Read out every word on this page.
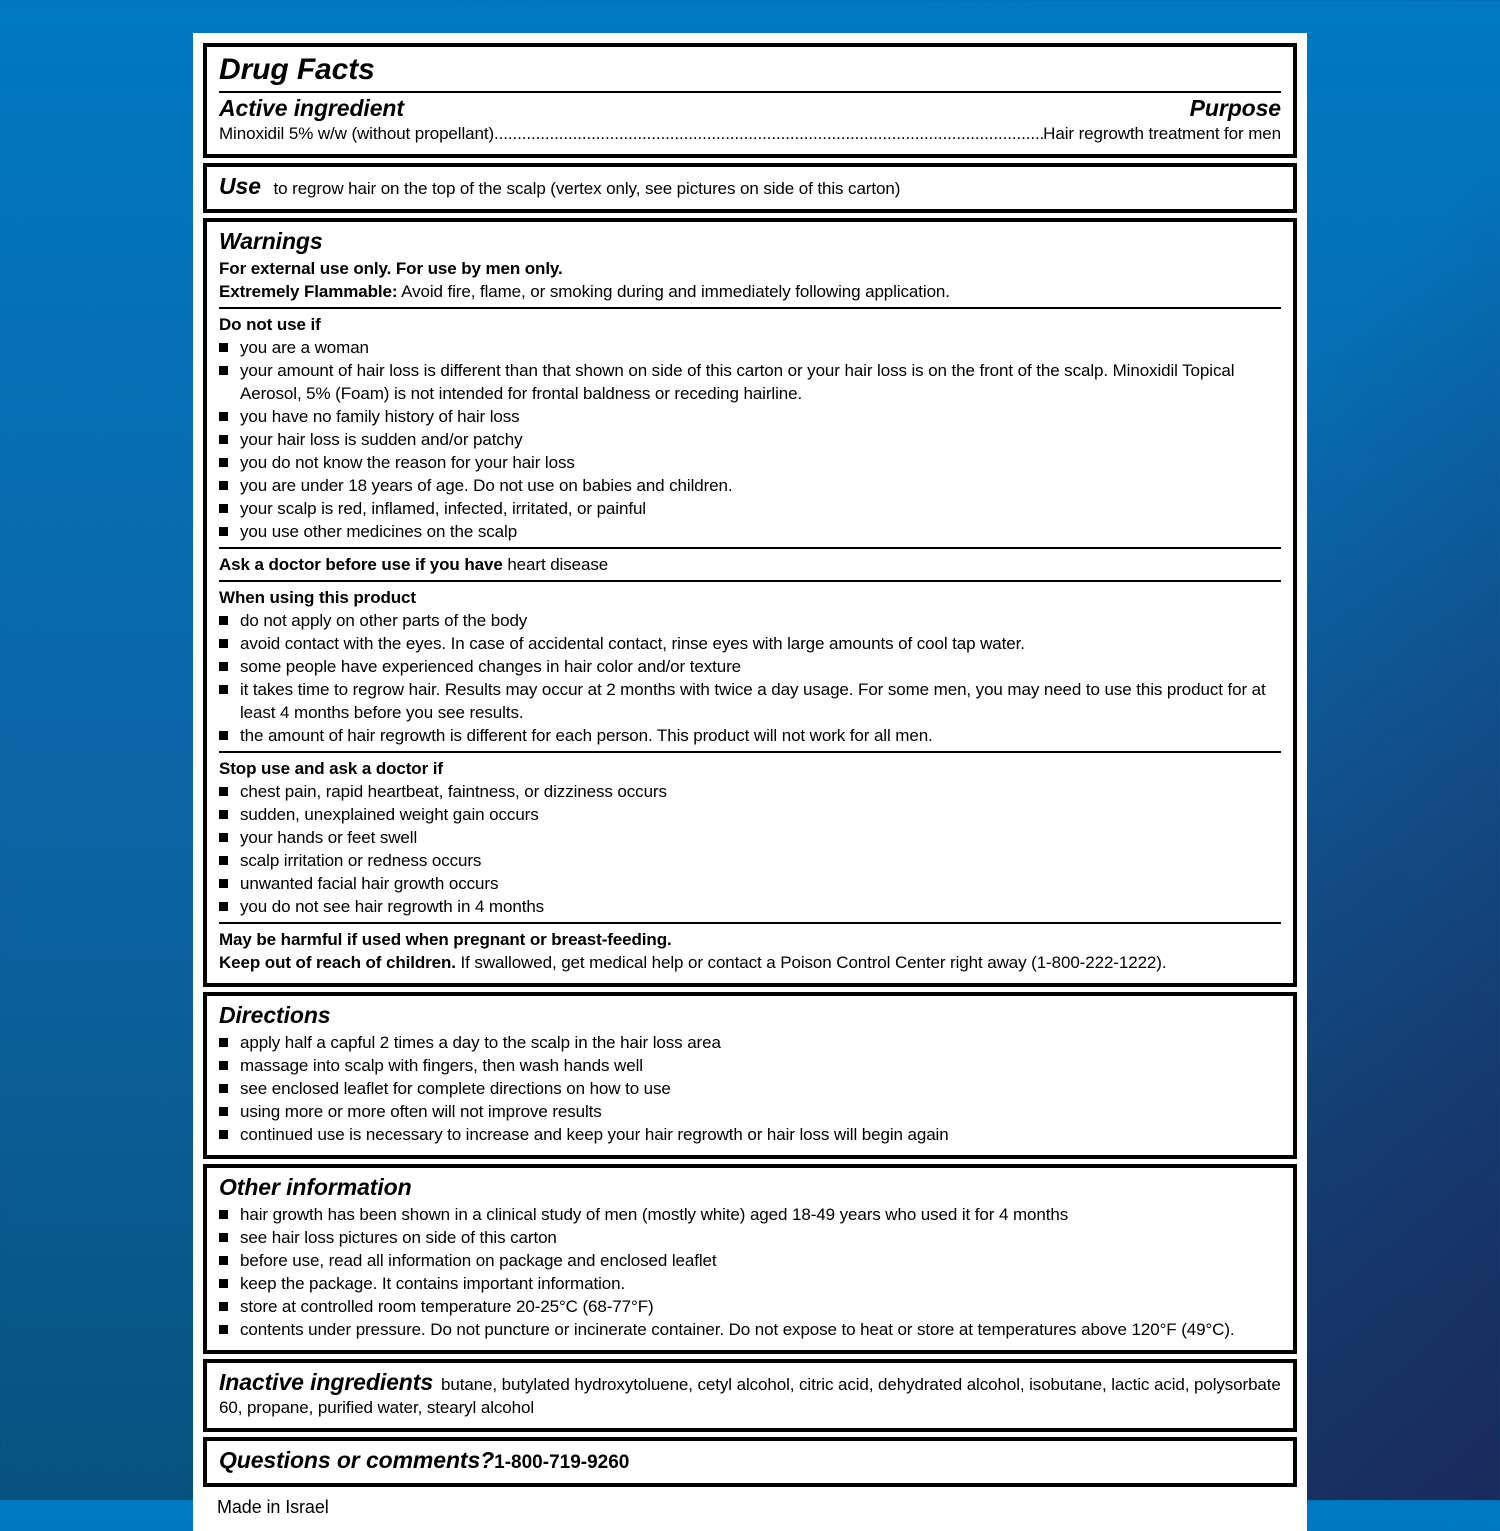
Drug Facts
Active ingredient	Purpose
Minoxidil 5% w/w (without propellant) .....	Hair regrowth treatment for men
Use to regrow hair on the top of the scalp (vertex only, see pictures on side of this carton)
Warnings

For external use only. For use by men only.

Extremely Flammable: Avoid fire, flame, or smoking during and immediately following application.

Do not use if
you are a woman
your amount of hair loss is different than that shown on side of this carton or your hair loss is on the front of the scalp. Minoxidil Topical Aerosol, 5% (Foam) is not intended for frontal baldness or receding hairline.
you have no family history of hair loss
your hair loss is sudden and/or patchy
you do not know the reason for your hair loss
you are under 18 years of age. Do not use on babies and children.
your scalp is red, inflamed, infected, irritated, or painful
you use other medicines on the scalp

Ask a doctor before use if you have heart disease

When using this product
do not apply on other parts of the body
avoid contact with the eyes. In case of accidental contact, rinse eyes with large amounts of cool tap water.
some people have experienced changes in hair color and/or texture
it takes time to regrow hair. Results may occur at 2 months with twice a day usage. For some men, you may need to use this product for at least 4 months before you see results.
the amount of hair regrowth is different for each person. This product will not work for all men.
Stop use and ask a doctor if
chest pain, rapid heartbeat, faintness, or dizziness occurs
sudden, unexplained weight gain occurs
your hands or feet swell
scalp irritation or redness occurs
unwanted facial hair growth occurs
you do not see hair regrowth in 4 months

May be harmful if used when pregnant or breast-feeding.

Keep out of reach of children. If swallowed, get medical help or contact a Poison Control Center right away (1-800-222-1222).

Directions
apply half a capful 2 times a day to the scalp in the hair loss area
massage into scalp with fingers, then wash hands well
see enclosed leaflet for complete directions on how to use
using more or more often will not improve results
continued use is necessary to increase and keep your hair regrowth or hair loss will begin again
Other information
hair growth has been shown in a clinical study of men (mostly white) aged 18-49 years who used it for 4 months
see hair loss pictures on side of this carton
before use, read all information on package and enclosed leaflet
keep the package. It contains important information.
store at controlled room temperature 20-25°C (68-77°F)
contents under pressure. Do not puncture or incinerate container. Do not expose to heat or store at temperatures above 120°F (49°C).
Inactive ingredients butane, butylated hydroxytoluene, cetyl alcohol, citric acid, dehydrated alcohol, isobutane, lactic acid, polysorbate 60, propane, purified water, stearyl alcohol
Questions or comments?1-800-719-9260
Made in Israel
